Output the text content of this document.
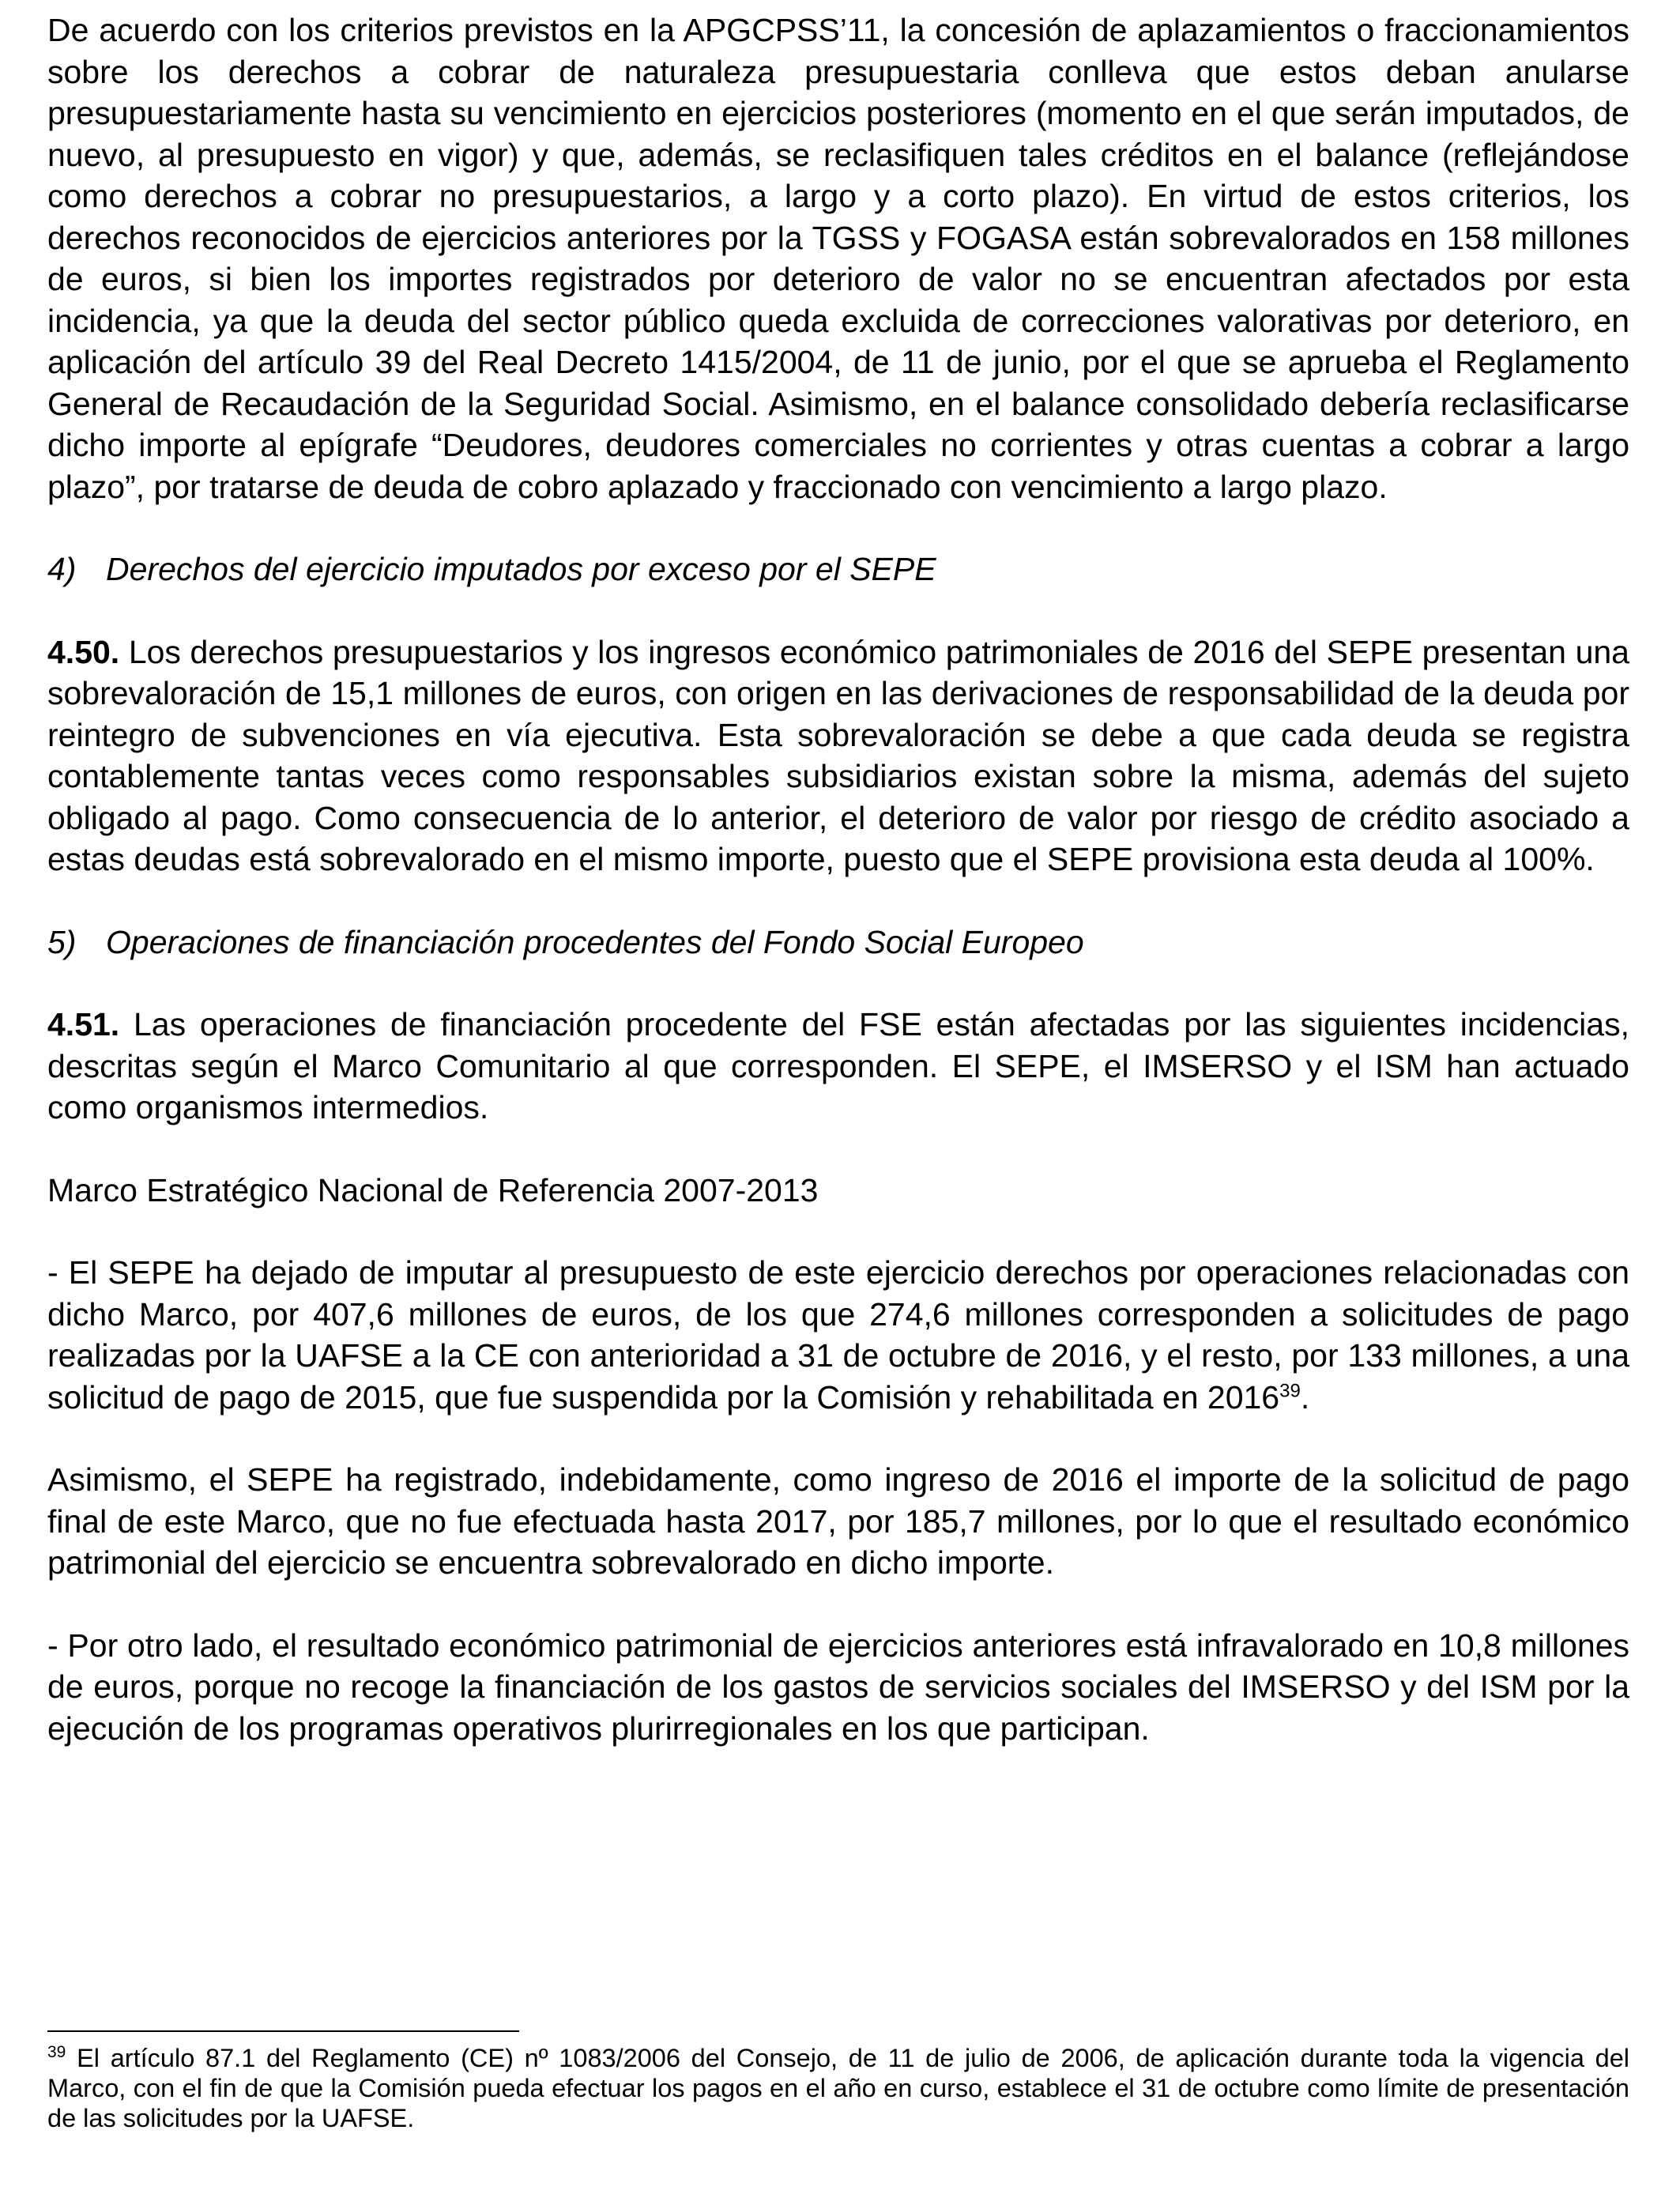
De acuerdo con los criterios previstos en la APGCPSS’11, la concesión de aplazamientos o fraccionamientos sobre los derechos a cobrar de naturaleza presupuestaria conlleva que estos deban anularse presupuestariamente hasta su vencimiento en ejercicios posteriores (momento en el que serán imputados, de nuevo, al presupuesto en vigor) y que, además, se reclasifiquen tales créditos en el balance (reflejándose como derechos a cobrar no presupuestarios, a largo y a corto plazo). En virtud de estos criterios, los derechos reconocidos de ejercicios anteriores por la TGSS y FOGASA están sobrevalorados en 158 millones de euros, si bien los importes registrados por deterioro de valor no se encuentran afectados por esta incidencia, ya que la deuda del sector público queda excluida de correcciones valorativas por deterioro, en aplicación del artículo 39 del Real Decreto 1415/2004, de 11 de junio, por el que se aprueba el Reglamento General de Recaudación de la Seguridad Social. Asimismo, en el balance consolidado debería reclasificarse dicho importe al epígrafe “Deudores, deudores comerciales no corrientes y otras cuentas a cobrar a largo plazo”, por tratarse de deuda de cobro aplazado y fraccionado con vencimiento a largo plazo.

4) Derechos del ejercicio imputados por exceso por el SEPE

4.50. Los derechos presupuestarios y los ingresos económico patrimoniales de 2016 del SEPE presentan una sobrevaloración de 15,1 millones de euros, con origen en las derivaciones de responsabilidad de la deuda por reintegro de subvenciones en vía ejecutiva. Esta sobrevaloración se debe a que cada deuda se registra contablemente tantas veces como responsables subsidiarios existan sobre la misma, además del sujeto obligado al pago. Como consecuencia de lo anterior, el deterioro de valor por riesgo de crédito asociado a estas deudas está sobrevalorado en el mismo importe, puesto que el SEPE provisiona esta deuda al 100%.

5) Operaciones de financiación procedentes del Fondo Social Europeo

4.51. Las operaciones de financiación procedente del FSE están afectadas por las siguientes incidencias, descritas según el Marco Comunitario al que corresponden. El SEPE, el IMSERSO y el ISM han actuado como organismos intermedios.

Marco Estratégico Nacional de Referencia 2007-2013

- El SEPE ha dejado de imputar al presupuesto de este ejercicio derechos por operaciones relacionadas con dicho Marco, por 407,6 millones de euros, de los que 274,6 millones corresponden a solicitudes de pago realizadas por la UAFSE a la CE con anterioridad a 31 de octubre de 2016, y el resto, por 133 millones, a una solicitud de pago de 2015, que fue suspendida por la Comisión y rehabilitada en 2016$^{39}$.

Asimismo, el SEPE ha registrado, indebidamente, como ingreso de 2016 el importe de la solicitud de pago final de este Marco, que no fue efectuada hasta 2017, por 185,7 millones, por lo que el resultado económico patrimonial del ejercicio se encuentra sobrevalorado en dicho importe.

- Por otro lado, el resultado económico patrimonial de ejercicios anteriores está infravalorado en 10,8 millones de euros, porque no recoge la financiación de los gastos de servicios sociales del IMSERSO y del ISM por la ejecución de los programas operativos plurirregionales en los que participan.

$^{39}$ El artículo 87.1 del Reglamento (CE) nº 1083/2006 del Consejo, de 11 de julio de 2006, de aplicación durante toda la vigencia del Marco, con el fin de que la Comisión pueda efectuar los pagos en el año en curso, establece el 31 de octubre como límite de presentación de las solicitudes por la UAFSE.
